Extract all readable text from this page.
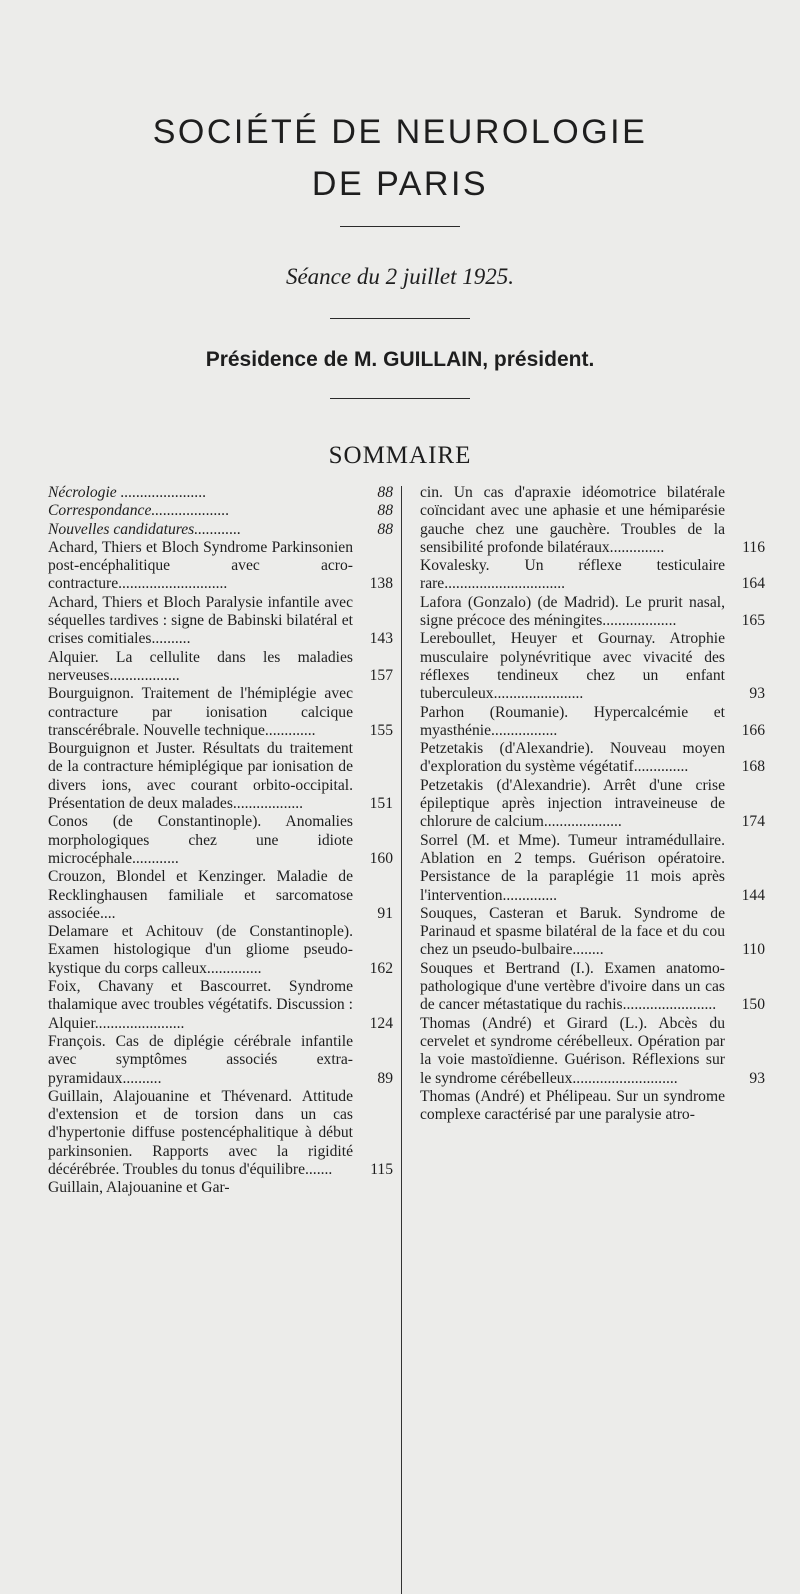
SOCIÉTÉ DE NEUROLOGIE
DE PARIS
Séance du 2 juillet 1925.
Présidence de M. GUILLAIN, président.
SOMMAIRE
Nécrologie ......................	88
Correspondance....................	88
Nouvelles candidatures............	88
Achard, Thiers et Bloch Syndrome Parkinsonien post-encéphalitique avec acro-contracture............................	138
Achard, Thiers et Bloch Paralysie infantile avec séquelles tardives : signe de Babinski bilatéral et crises comitiales..........	143
Alquier. La cellulite dans les maladies nerveuses..................	157
Bourguignon. Traitement de l'hémiplégie avec contracture par ionisation calcique transcérébrale. Nouvelle technique.............	155
Bourguignon et Juster. Résultats du traitement de la contracture hémiplégique par ionisation de divers ions, avec courant orbito-occipital. Présentation de deux malades..................	151
Conos (de Constantinople). Anomalies morphologiques chez une idiote microcéphale............	160
Crouzon, Blondel et Kenzinger. Maladie de Recklinghausen familiale et sarcomatose associée....	91
Delamare et Achitouv (de Constantinople). Examen histologique d'un gliome pseudo-kystique du corps calleux..............	162
Foix, Chavany et Bascourret. Syndrome thalamique avec troubles végétatifs. Discussion : Alquier.......................	124
François. Cas de diplégie cérébrale infantile avec symptômes associés extra-pyramidaux..........	89
Guillain, Alajouanine et Thévenard. Attitude d'extension et de torsion dans un cas d'hypertonie diffuse postencéphalitique à début parkinsonien. Rapports avec la rigidité décérébrée. Troubles du tonus d'équilibre.......	115
Guillain, Alajouanine et Gar-
cin. Un cas d'apraxie idéomotrice bilatérale coïncidant avec une aphasie et une hémiparésie gauche chez une gauchère. Troubles de la sensibilité profonde bilatéraux..............	116
Kovalesky. Un réflexe testiculaire rare...............................	164
Lafora (Gonzalo) (de Madrid). Le prurit nasal, signe précoce des méningites...................	165
Lereboullet, Heuyer et Gournay. Atrophie musculaire polynévritique avec vivacité des réflexes tendineux chez un enfant tuberculeux.......................	93
Parhon (Roumanie). Hypercalcémie et myasthénie.................	166
Petzetakis (d'Alexandrie). Nouveau moyen d'exploration du système végétatif..............	168
Petzetakis (d'Alexandrie). Arrêt d'une crise épileptique après injection intraveineuse de chlorure de calcium....................	174
Sorrel (M. et Mme). Tumeur intramédullaire. Ablation en 2 temps. Guérison opératoire. Persistance de la paraplégie 11 mois après l'intervention..............	144
Souques, Casteran et Baruk. Syndrome de Parinaud et spasme bilatéral de la face et du cou chez un pseudo-bulbaire........	110
Souques et Bertrand (I.). Examen anatomo-pathologique d'une vertèbre d'ivoire dans un cas de cancer métastatique du rachis........................	150
Thomas (André) et Girard (L.). Abcès du cervelet et syndrome cérébelleux. Opération par la voie mastoïdienne. Guérison. Réflexions sur le syndrome cérébelleux...........................	93
Thomas (André) et Phélipeau. Sur un syndrome complexe caractérisé par une paralysie atro-
